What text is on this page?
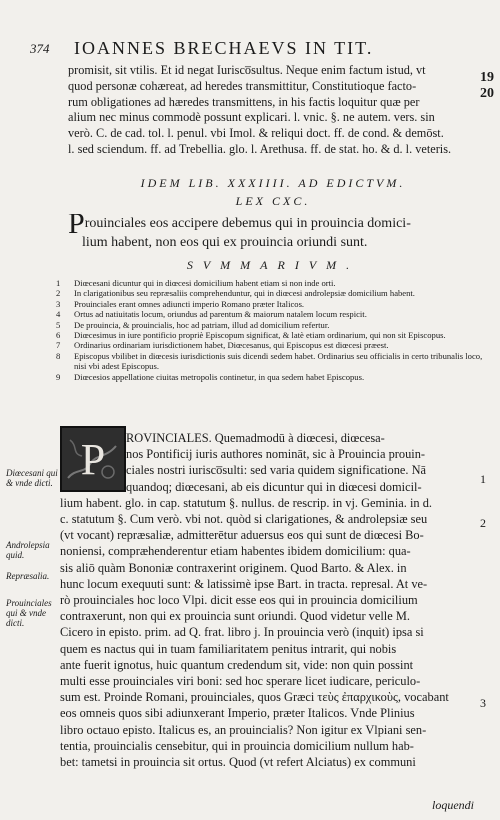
374 IOANNES BRECHAEVS IN TIT.
promisit, sit vtilis. Et id negat Iurisco̅sultus. Neque enim factum istud, vt
quod personæ cohæreat, ad heredes transmittitur, Constitutioque facto-
rum obligationes ad hæredes transmittens, in his factis loquitur quæ per
alium nec minus commodè possunt explicari. l. vnic. §. ne autem. vers. sin
verò. C. de cad. tol. l. penul. vbi Imol. & reliqui doct. ff. de cond. & demōst.
l. sed sciendum. ff. ad Trebellia. glo. l. Arethusa. ff. de stat. ho. & d. l. veteris.
19
20
IDEM LIB. XXXIIII. AD EDICTVM.
LEX CXC.
Prouinciales eos accipere debemus qui in prouincia domici-
lium habent, non eos qui ex prouincia oriundi sunt.
SVMMARIVM.
1	Diœcesani dicuntur qui in diœcesi domicilium habent etiam si non inde orti.
2	In clarigationibus seu repræsaliis comprehenduntur, qui in diœcesi androlepsiæ domicilium habent.
3	Prouinciales erant omnes adiuncti imperio Romano præter Italicos.
4	Ortus ad natiuitatis locum, oriundus ad parentum & maiorum natalem locum respicit.
5	De prouincia, & prouincialis, hoc ad patriam, illud ad domicilium refertur.
6	Diœcesimus in iure pontificio propriè Episcopum significat, & latè etiam ordinarium, qui non sit Episcopus.
7	Ordinarius ordinariam iurisdictionem habet, Diœcesanus, qui Episcopus est diœcesi præest.
8	Episcopus vbilibet in diœcesis iurisdictionis suis dicendi sedem habet. Ordinarius seu officialis in certo tribunalis loco, nisi vbi adest Episcopus.
9	Diœcesios appellatione ciuitas metropolis continetur, in qua sedem habet Episcopus.
P	ROVINCIALES. Quemadmodū à diœcesi, diœcesa-
nos Pontificij iuris authores nomināt, sic à Prouincia prouin-
ciales nostri iurisco̅sulti: sed varia quidem significatione. Nā
quandoq; diœcesani, ab eis dicuntur qui in diœcesi domicil-
lium habent. glo. in cap. statutum §. nullus. de rescrip. in vj. Geminia. in d.
c. statutum §. Cum verò. vbi not. quòd si clarigationes, & androlepsiæ seu
(vt vocant) repræsaliæ, admitterētur aduersus eos qui sunt de diœcesi Bo-
noniensi, compræhenderentur etiam habentes ibidem domicilium: qua-
sis aliō quàm Bononiæ contraxerint originem. Quod Barto. & Alex. in
hunc locum exequuti sunt: & latissimè ipse Bart. in tracta. represal. At ve-
rò prouinciales hoc loco Vlpi. dicit esse eos qui in prouincia domicilium
contraxerunt, non qui ex prouincia sunt oriundi. Quod videtur velle M.
Cicero in episto. prim. ad Q. frat. libro j. In prouincia verò (inquit) ipsa si
quem es nactus qui in tuam familiaritatem penitus intrarit, qui nobis
ante fuerit ignotus, huic quantum credendum sit, vide: non quin possint
multi esse prouinciales viri boni: sed hoc sperare licet iudicare, periculo-
sum est. Proinde Romani, prouinciales, quos Græci τεὺς ἐπαρχικοὺς, vocabant
eos omneis quos sibi adiunxerant Imperio, præter Italicos. Vnde Plinius
libro octauo episto. Italicus es, an prouincialis? Non igitur ex Vlpiani sen-
tentia, prouincialis censebitur, qui in prouincia domicilium nullum hab-
bet: tametsi in prouincia sit ortus. Quod (vt refert Alciatus) ex communi
Diœcesani qui & vnde dicti.
Androlepsia quid.
Repræsalia.
Prouinciales qui & vnde dicti.
1
2
3
loquendi
